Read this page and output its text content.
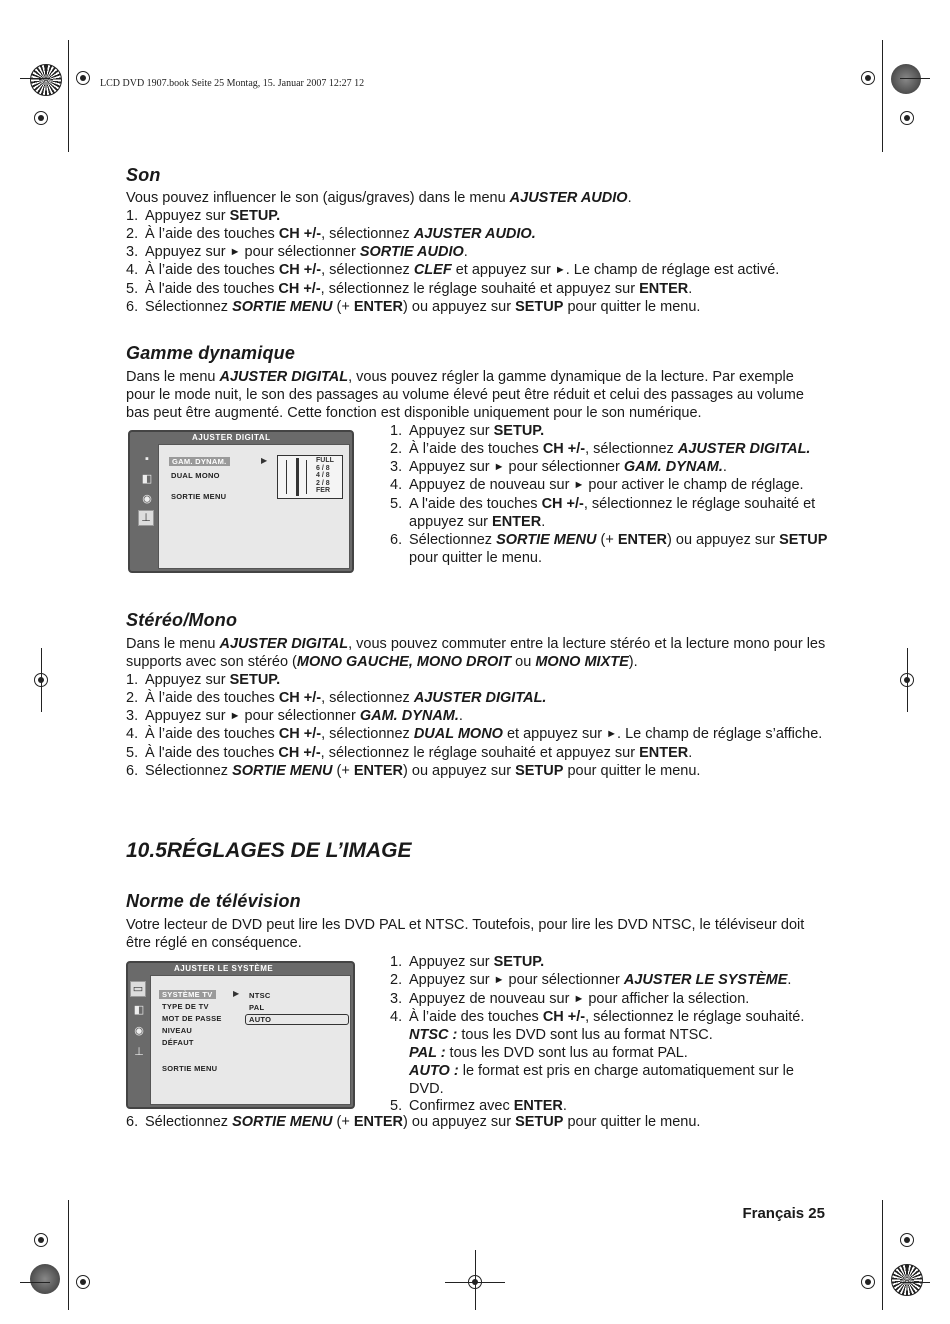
LCD DVD 1907.book Seite 25 Montag, 15. Januar 2007 12:27 12
Son

Vous pouvez influencer le son (aigus/graves) dans le menu AJUSTER AUDIO.

1. Appuyez sur SETUP.
2. À l’aide des touches CH +/-, sélectionnez AJUSTER AUDIO.
3. Appuyez sur ► pour sélectionner SORTIE AUDIO.
4. À l’aide des touches CH +/-, sélectionnez CLEF et appuyez sur ►. Le champ de réglage est activé.
5. À l'aide des touches CH +/-, sélectionnez le réglage souhaité et appuyez sur ENTER.
6. Sélectionnez SORTIE MENU (+ ENTER) ou appuyez sur SETUP pour quitter le menu.
Gamme dynamique

Dans le menu AJUSTER DIGITAL, vous pouvez régler la gamme dynamique de la lecture. Par exemple pour le mode nuit, le son des passages au volume élevé peut être réduit et celui des passages au volume bas peut être augmenté. Cette fonction est disponible uniquement pour le son numérique.

AJUSTER DIGITAL
▪
◧
◉
⊥
GAM. DYNAM.	▶
DUAL MONO
SORTIE MENU
FULL
6 / 8
4 / 8
2 / 8
FER
1. Appuyez sur SETUP.
2. À l’aide des touches CH +/-, sélectionnez AJUSTER DIGITAL.
3. Appuyez sur ► pour sélectionner GAM. DYNAM..
4. Appuyez de nouveau sur ► pour activer le champ de réglage.
5. A l'aide des touches CH +/-, sélectionnez le réglage souhaité et appuyez sur ENTER.
6. Sélectionnez SORTIE MENU (+ ENTER) ou appuyez sur SETUP pour quitter le menu.
Stéréo/Mono

Dans le menu AJUSTER DIGITAL, vous pouvez commuter entre la lecture stéréo et la lecture mono pour les supports avec son stéréo (MONO GAUCHE, MONO DROIT ou MONO MIXTE).

1. Appuyez sur SETUP.
2. À l’aide des touches CH +/-, sélectionnez AJUSTER DIGITAL.
3. Appuyez sur ► pour sélectionner GAM. DYNAM..
4. À l’aide des touches CH +/-, sélectionnez DUAL MONO et appuyez sur ►. Le champ de réglage s’affiche.
5. À l'aide des touches CH +/-, sélectionnez le réglage souhaité et appuyez sur ENTER.
6. Sélectionnez SORTIE MENU (+ ENTER) ou appuyez sur SETUP pour quitter le menu.
10.5RÉGLAGES DE L’IMAGE
Norme de télévision

Votre lecteur de DVD peut lire les DVD PAL et NTSC. Toutefois, pour lire les DVD NTSC, le téléviseur doit être réglé en conséquence.

AJUSTER LE SYSTÈME
▭
◧
◉
⊥
SYSTÈME TV	▶
TYPE DE TV
MOT DE PASSE
NIVEAU
DÉFAUT
SORTIE MENU
NTSC
PAL
AUTO
1. Appuyez sur SETUP.
2. Appuyez sur ► pour sélectionner AJUSTER LE SYSTÈME.
3. Appuyez de nouveau sur ► pour afficher la sélection.
4. À l’aide des touches CH +/-, sélectionnez le réglage souhaité.
NTSC : tous les DVD sont lus au format NTSC.
PAL : tous les DVD sont lus au format PAL.
AUTO : le format est pris en charge automatiquement sur le DVD.
5. Confirmez avec ENTER.
6. Sélectionnez SORTIE MENU (+ ENTER) ou appuyez sur SETUP pour quitter le menu.
Français 25
